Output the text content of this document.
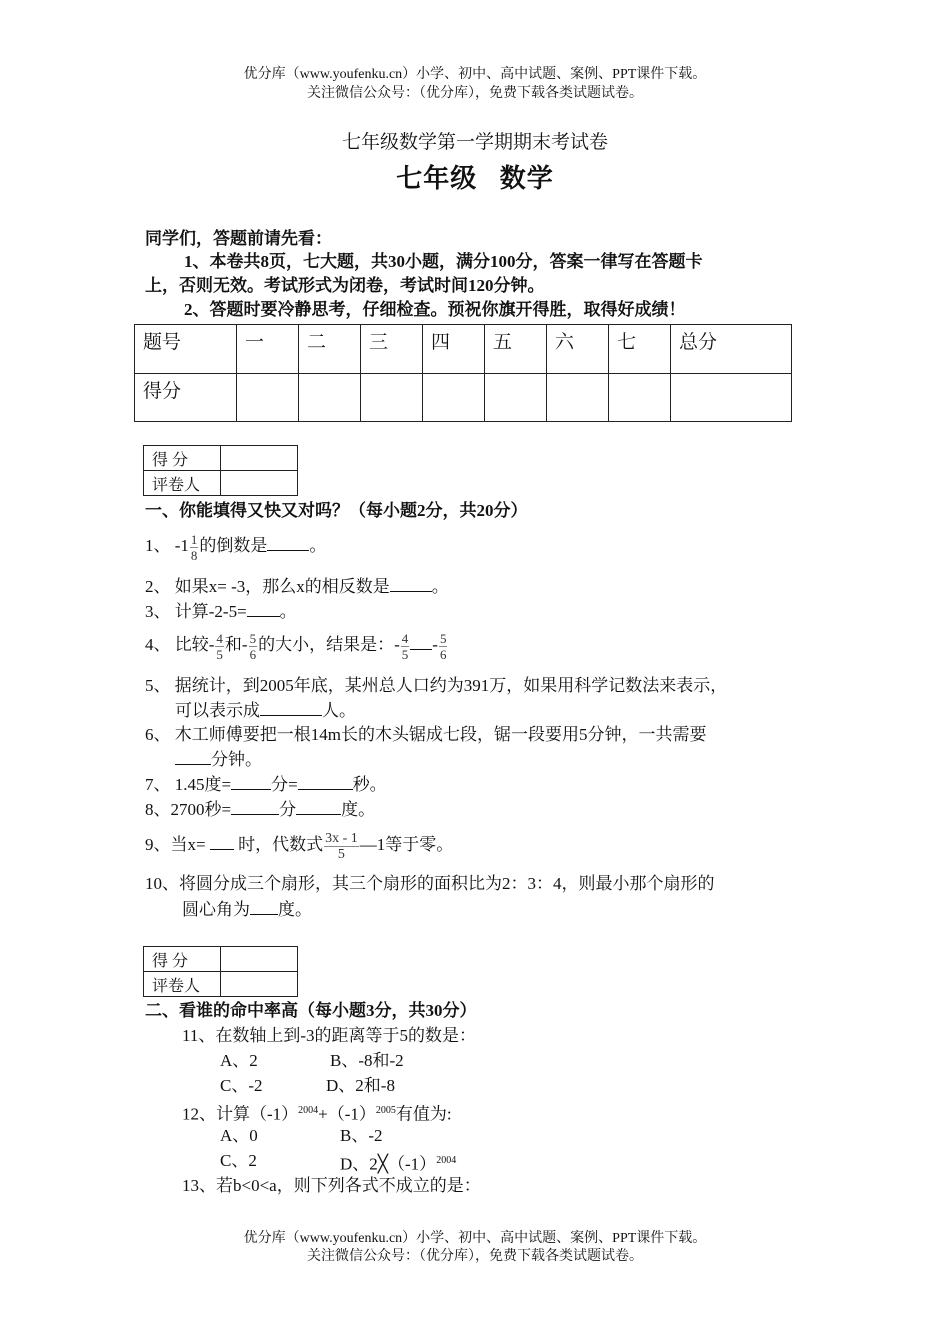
优分库（www.youfenku.cn）小学、初中、高中试题、案例、PPT课件下载。
关注微信公众号：（优分库），免费下载各类试题试卷。
七年级数学第一学期期末考试卷
七年级   数学
同学们，答题前请先看：
1、本卷共8页，七大题，共30小题，满分100分，答案一律写在答题卡
上，否则无效。考试形式为闭卷，考试时间120分钟。
2、答题时要冷静思考，仔细检查。预祝你旗开得胜，取得好成绩！
题号	一	二	三	四	五	六	七	总分
得分								
得 分	
评卷人	
一、你能填得又快又对吗？（每小题2分，共20分）
1、 $-1 \frac{1}{8}$ 的倒数是 。
2、 如果x= -3，那么x的相反数是 。
3、 计算-2-5= 。
4、 比较- $\frac{4}{5}$ 和- $\frac{5}{6}$ 的大小，结果是：- $\frac{4}{5} - \frac{5}{6}$
5、 据统计，到2005年底，某州总人口约为391万，如果用科学记数法来表示，
可以表示成	人。
6、 木工师傅要把一根14m长的木头锯成七段，锯一段要用5分钟，一共需要
分钟。
7、 1.45度= 分=	秒。
8、2700秒=	分	度。
9、当x=  时，代数式 $\frac{3x - 1}{5}$ —1等于零。
10、将圆分成三个扇形，其三个扇形的面积比为2：3：4，则最小那个扇形的
圆心角为 度。
得 分	
评卷人	
二、看谁的命中率高（每小题3分，共30分）
11、在数轴上到-3的距离等于5的数是：
A、2	B、-8和-2
C、-2	D、2和-8
12、计算$(-1)^{2004}+(-1)^{2005}$有值为:
A、0	B、-2
C、2	D、$2╳(-1)^{2004}$
13、若b<0<a，则下列各式不成立的是：
优分库（www.youfenku.cn）小学、初中、高中试题、案例、PPT课件下载。
关注微信公众号：（优分库），免费下载各类试题试卷。
